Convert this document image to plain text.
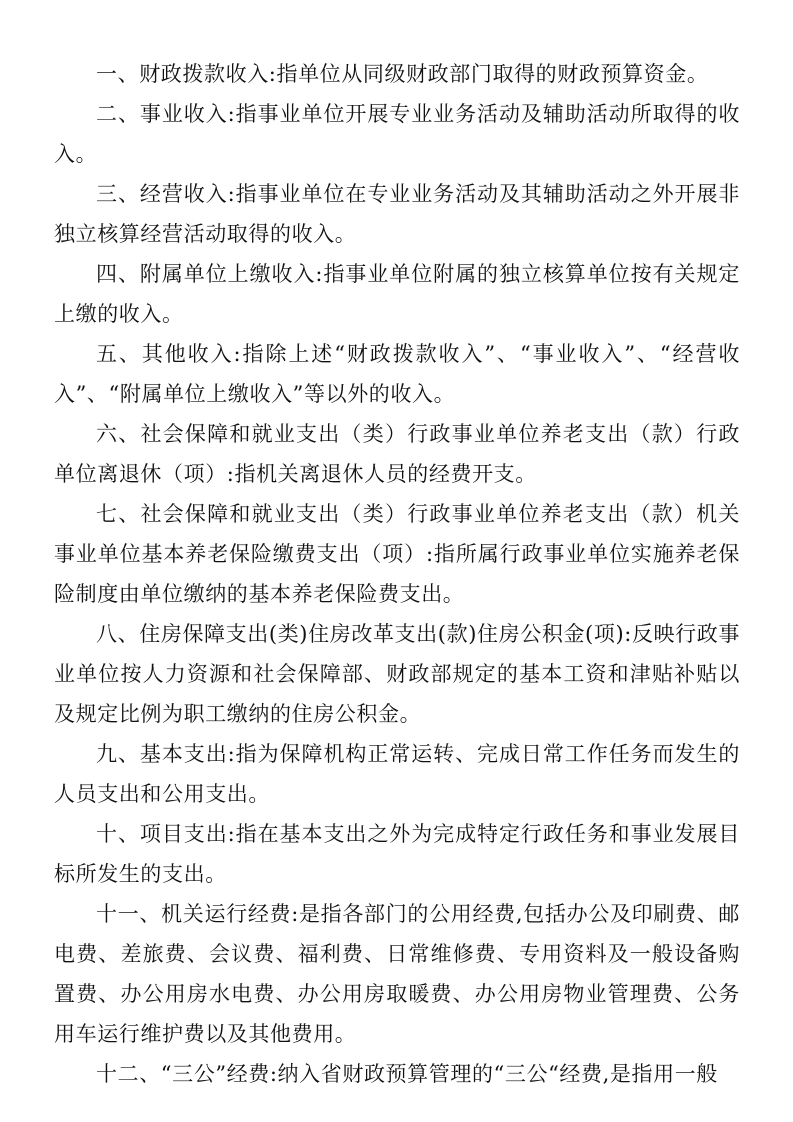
一、财政拨款收入:指单位从同级财政部门取得的财政预算资金。

二、事业收入:指事业单位开展专业业务活动及辅助活动所取得的收入。

三、经营收入:指事业单位在专业业务活动及其辅助活动之外开展非独立核算经营活动取得的收入。

四、附属单位上缴收入:指事业单位附属的独立核算单位按有关规定上缴的收入。

五、其他收入:指除上述“财政拨款收入”、“事业收入”、“经营收入”、“附属单位上缴收入”等以外的收入。

六、社会保障和就业支出（类）行政事业单位养老支出（款）行政单位离退休（项）:指机关离退休人员的经费开支。

七、社会保障和就业支出（类）行政事业单位养老支出（款）机关事业单位基本养老保险缴费支出（项）:指所属行政事业单位实施养老保险制度由单位缴纳的基本养老保险费支出。

八、住房保障支出(类)住房改革支出(款)住房公积金(项):反映行政事业单位按人力资源和社会保障部、财政部规定的基本工资和津贴补贴以及规定比例为职工缴纳的住房公积金。

九、基本支出:指为保障机构正常运转、完成日常工作任务而发生的人员支出和公用支出。

十、项目支出:指在基本支出之外为完成特定行政任务和事业发展目标所发生的支出。

十一、机关运行经费:是指各部门的公用经费,包括办公及印刷费、邮电费、差旅费、会议费、福利费、日常维修费、专用资料及一般设备购置费、办公用房水电费、办公用房取暖费、办公用房物业管理费、公务用车运行维护费以及其他费用。

十二、“三公”经费:纳入省财政预算管理的“三公“经费,是指用一般
